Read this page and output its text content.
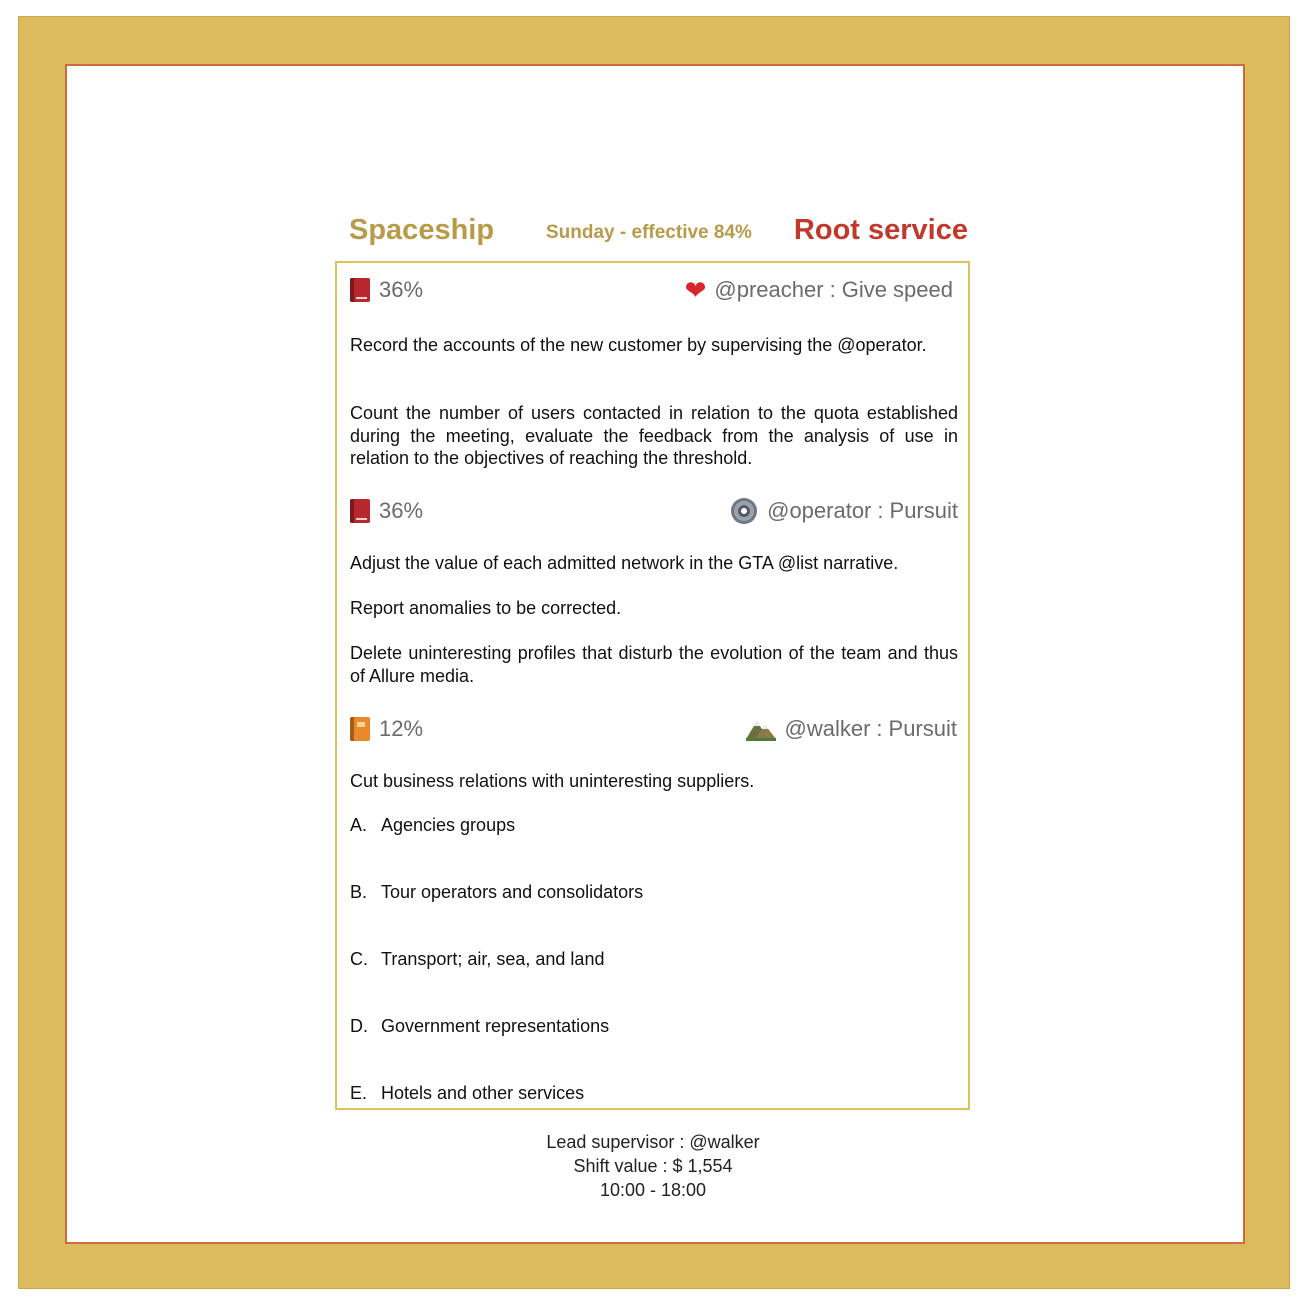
Spaceship	Sunday - effective 84% Root service
36%	❤ @preacher : Give speed
Record the accounts of the new customer by supervising the @operator.
Count the number of users contacted in relation to the quota established during the meeting, evaluate the feedback from the analysis of use in relation to the objectives of reaching the threshold.
36%	@operator : Pursuit
Adjust the value of each admitted network in the GTA @list narrative.
Report anomalies to be corrected.
Delete uninteresting profiles that disturb the evolution of the team and thus of Allure media.
12%	@walker : Pursuit
Cut business relations with uninteresting suppliers.
A. Agencies groups
B. Tour operators and consolidators
C. Transport; air, sea, and land
D. Government representations
E. Hotels and other services
Lead supervisor : @walker
Shift value : $ 1,554
10:00 - 18:00
